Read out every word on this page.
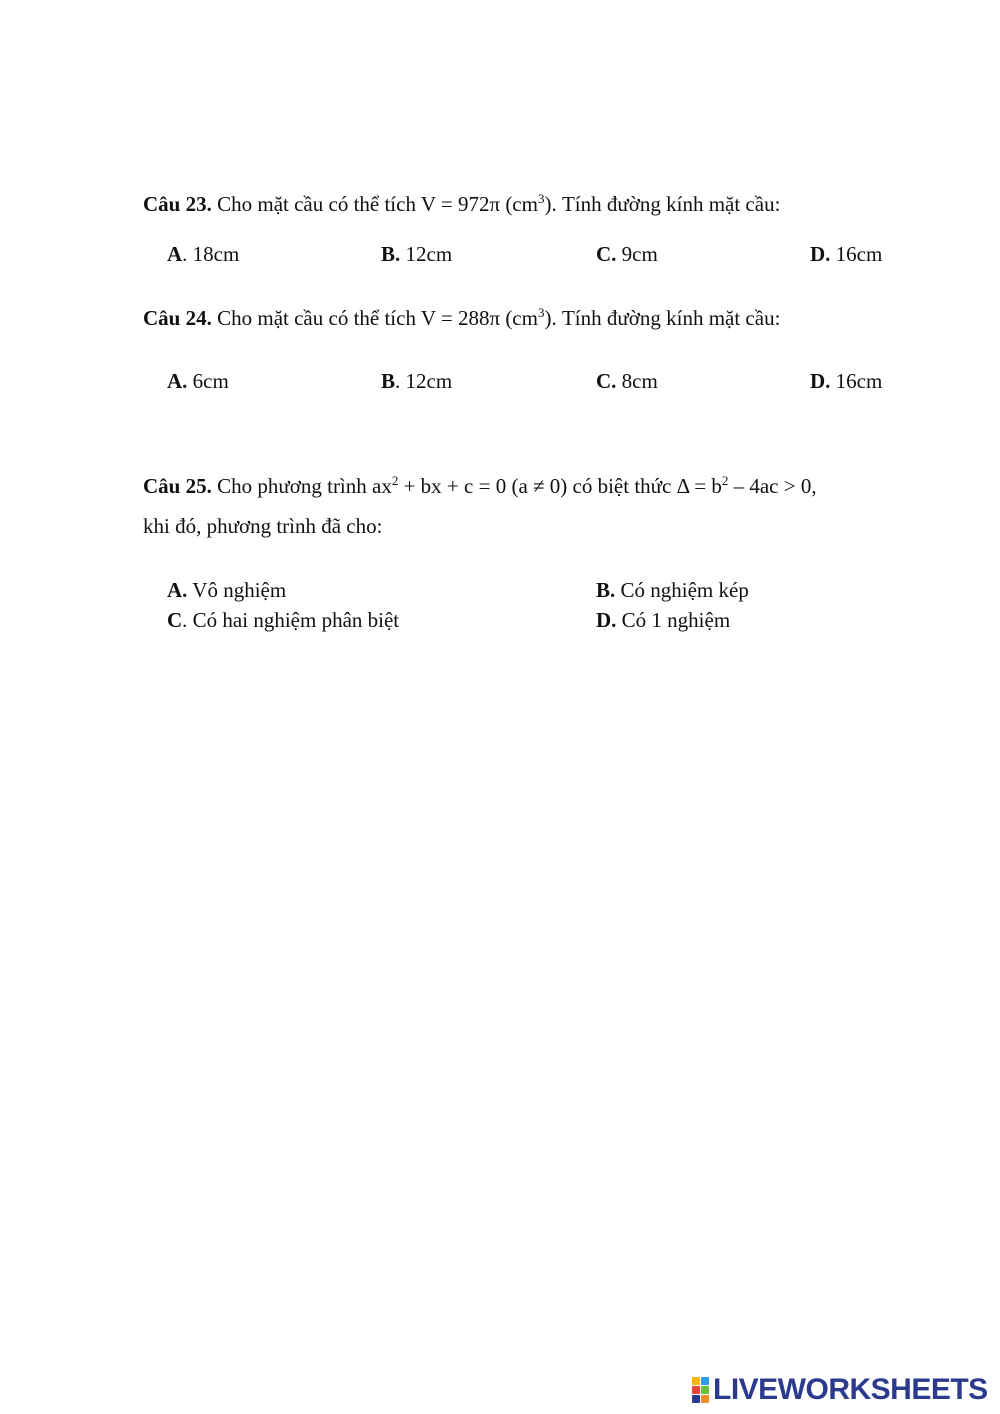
Câu 23. Cho mặt cầu có thể tích V = 972π $(cm^3)$. Tính đường kính mặt cầu:
A. 18cm	B. 12cm	C. 9cm	D. 16cm
Câu 24. Cho mặt cầu có thể tích V = 288π $(cm^3)$. Tính đường kính mặt cầu:
A. 6cm	B. 12cm	C. 8cm	D. 16cm
Câu 25. Cho phương trình $ax^2$ + bx + c = 0 (a ≠ 0) có biệt thức $\Delta = b^2 - 4ac > 0$,
khi đó, phương trình đã cho:
A. Vô nghiệm	B. Có nghiệm kép
C. Có hai nghiệm phân biệt	D. Có 1 nghiệm
LIVEWORKSHEETS
